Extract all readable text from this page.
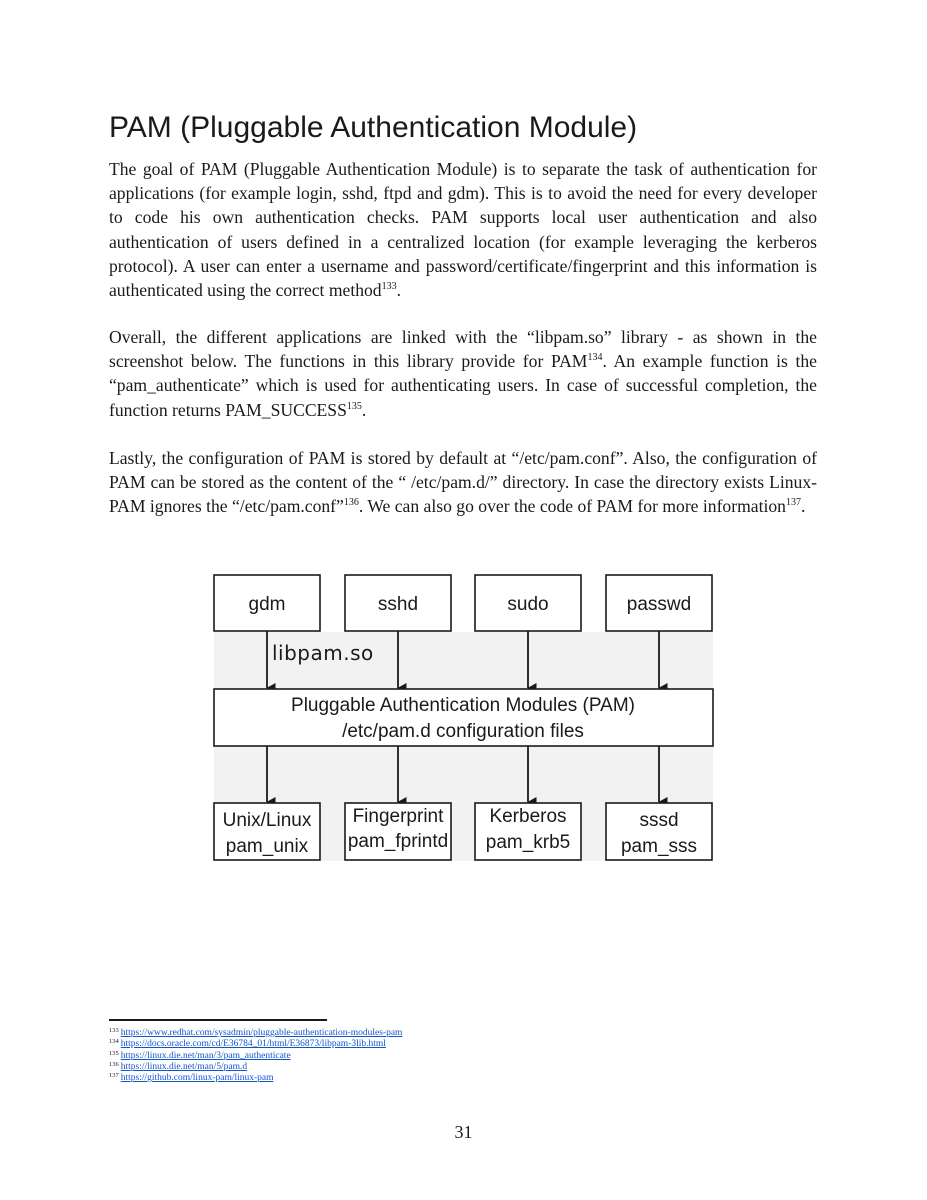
PAM (Pluggable Authentication Module)

The goal of PAM (Pluggable Authentication Module) is to separate the task of authentication for applications (for example login, sshd, ftpd and gdm). This is to avoid the need for every developer to code his own authentication checks. PAM supports local user authentication and also authentication of users defined in a centralized location (for example leveraging the kerberos protocol). A user can enter a username and password/certificate/fingerprint and this information is authenticated using the correct method$^{133}$.

Overall, the different applications are linked with the “libpam.so” library - as shown in the screenshot below. The functions in this library provide for PAM$^{134}$. An example function is the “pam_authenticate” which is used for authenticating users. In case of successful completion, the function returns PAM_SUCCESS$^{135}$.

Lastly, the configuration of PAM is stored by default at “/etc/pam.conf”. Also, the configuration of PAM can be stored as the content of the “ /etc/pam.d/” directory. In case the directory exists Linux-PAM ignores the “/etc/pam.conf”$^{136}$. We can also go over the code of PAM for more information$^{137}$.

gdm	sshd	sudo	passwd
libpam.so
Pluggable Authentication Modules (PAM)
/etc/pam.d configuration files
Unix/Linux
pam_unix
Fingerprint
pam_fprintd
Kerberos
pam_krb5
sssd
pam_sss
$^{133}$ https://www.redhat.com/sysadmin/pluggable-authentication-modules-pam
$^{134}$ https://docs.oracle.com/cd/E36784_01/html/E36873/libpam-3lib.html
$^{135}$ https://linux.die.net/man/3/pam_authenticate
$^{136}$ https://linux.die.net/man/5/pam.d
$^{137}$ https://github.com/linux-pam/linux-pam
31
